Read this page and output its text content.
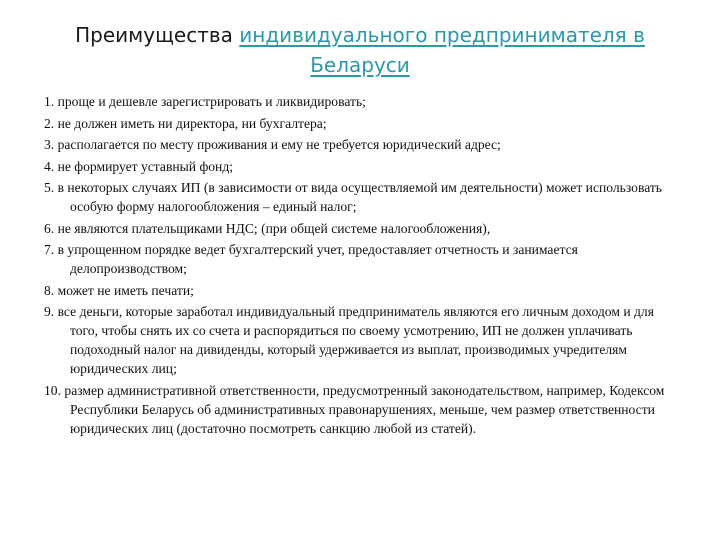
Преимущества индивидуального предпринимателя в Беларуси
1. проще и дешевле зарегистрировать и ликвидировать;
2. не должен иметь ни директора, ни бухгалтера;
3. располагается по месту проживания и ему не требуется юридический адрес;
4. не формирует уставный фонд;
5. в некоторых случаях ИП (в зависимости от вида осуществляемой им деятельности) может использовать особую форму налогообложения – единый налог;
6. не являются плательщиками НДС; (при общей системе налогообложения),
7. в упрощенном порядке ведет бухгалтерский учет, предоставляет отчетность и занимается делопроизводством;
8. может не иметь печати;
9. все деньги, которые заработал индивидуальный предприниматель являются его личным доходом и для того, чтобы снять их со счета и распорядиться по своему усмотрению, ИП не должен уплачивать подоходный налог на дивиденды, который удерживается из выплат, производимых учредителям юридических лиц;
10. размер административной ответственности, предусмотренный законодательством, например, Кодексом Республики Беларусь об административных правонарушениях, меньше, чем размер ответственности юридических лиц (достаточно посмотреть санкцию любой из статей).
